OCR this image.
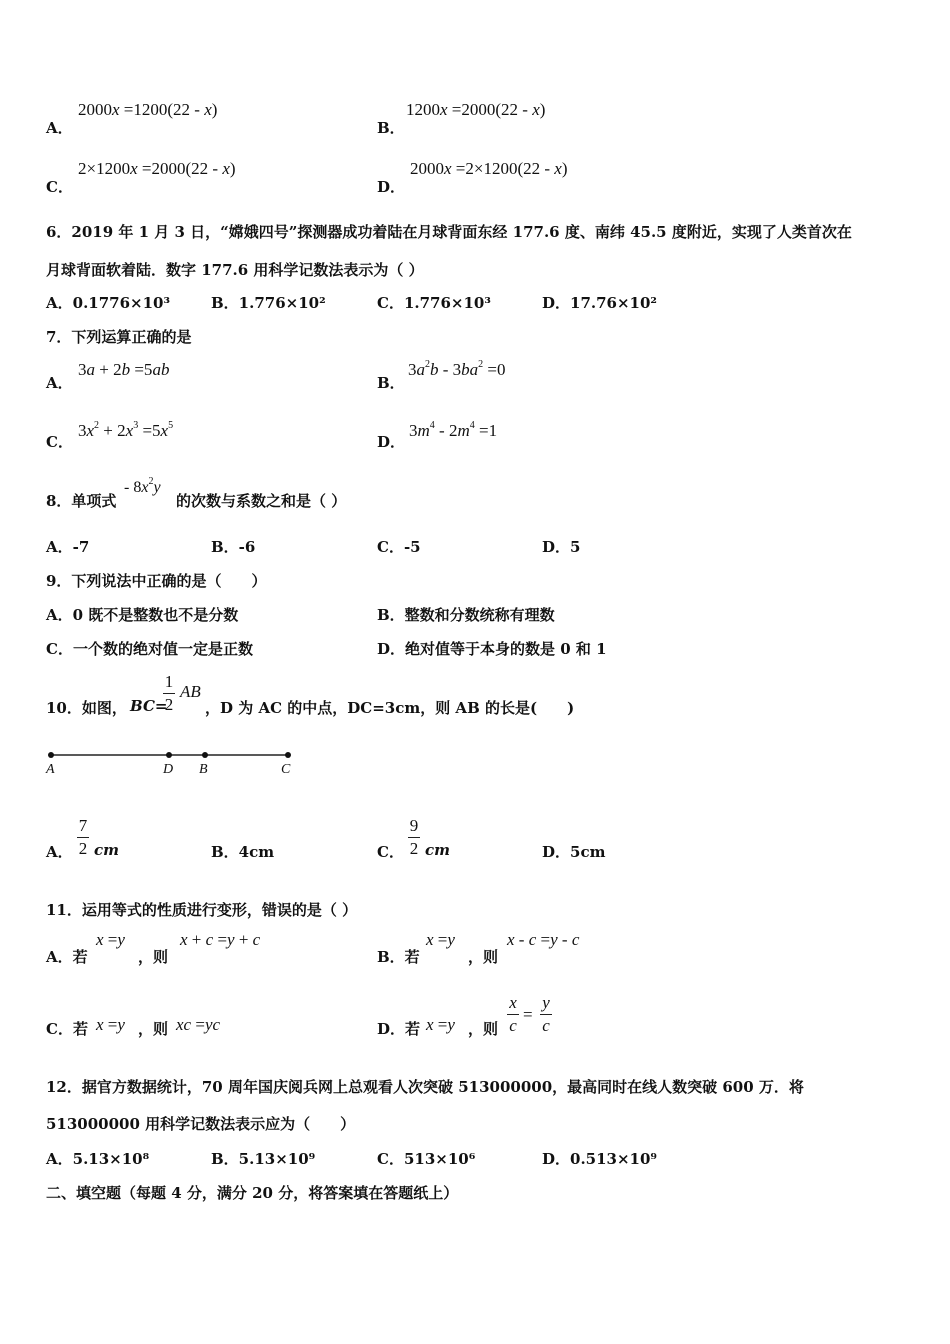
A．
2000x =1200(22 - x)
B．
1200x =2000(22 - x)
C．
2×1200x =2000(22 - x)
D．
2000x =2×1200(22 - x)
6．2019 年 1 月 3 日，“嫦娥四号”探测器成功着陆在月球背面东经 177.6 度、南纬 45.5 度附近，实现了人类首次在
月球背面软着陆．数字 177.6 用科学记数法表示为（ ）
A．0.1776×10³	B．1.776×10²	C．1.776×10³	D．17.76×10²
7．下列运算正确的是
A．
3a + 2b =5ab
B．
$3a^2b - 3ba^2 =0$
C．
$3x^2 + 2x^3 =5x^5$
D．
$3m^4 - 2m^4 =1$
8．单项式
- $8x^2y$
的次数与系数之和是（ ）
A．-7	B．-6	C．-5	D．5
9．下列说法中正确的是（　　）
A．0 既不是整数也不是分数	B．整数和分数统称有理数
C．一个数的绝对值一定是正数	D．绝对值等于本身的数是 0 和 1
10．如图， BC=
1
2
AB
，D 为 AC 的中点，DC=3cm，则 AB 的长是(　　)
A	D B	C
A．
7
2 cm	B．4cm	C．
9
2 cm	D．5cm
11．运用等式的性质进行变形，错误的是（ ）
A．若
x =y
，则
x + c =y + c
B．若
x =y
，则
x - c =y - c
C．若 x =y ，则 xc =yc	D．若 x =y ，则
x
c
=
y
c
12．据官方数据统计，70 周年国庆阅兵网上总观看人次突破 513000000，最高同时在线人数突破 600 万．将
513000000 用科学记数法表示应为（　　）
A．5.13×10⁸	B．5.13×10⁹	C．513×10⁶	D．0.513×10⁹
二、填空题（每题 4 分，满分 20 分，将答案填在答题纸上）
